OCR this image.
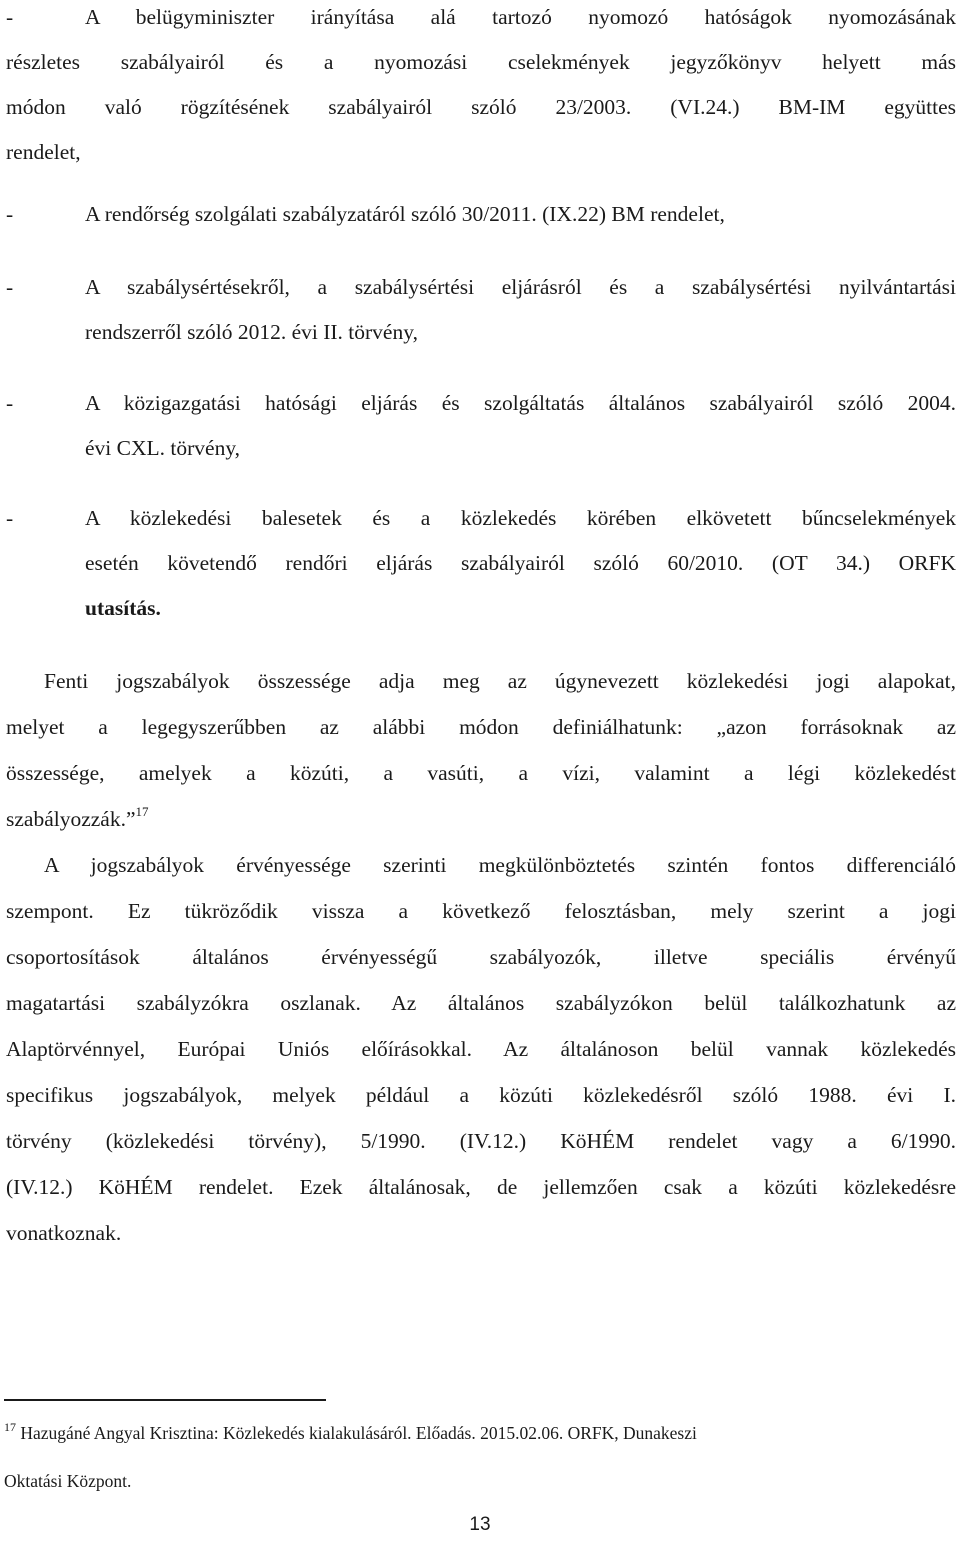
-	A belügyminiszter irányítása alá tartozó nyomozó hatóságok nyomozásának
részletes szabályairól és a nyomozási cselekmények jegyzőkönyv helyett más
módon való rögzítésének szabályairól szóló 23/2003. (VI.24.) BM-IM együttes
rendelet,
-	A rendőrség szolgálati szabályzatáról szóló 30/2011. (IX.22) BM rendelet,
-	A szabálysértésekről, a szabálysértési eljárásról és a szabálysértési nyilvántartási
rendszerről szóló 2012. évi II. törvény,
-	A közigazgatási hatósági eljárás és szolgáltatás általános szabályairól szóló 2004.
évi CXL. törvény,
-	A közlekedési balesetek és a közlekedés körében elkövetett bűncselekmények
esetén követendő rendőri eljárás szabályairól szóló 60/2010. (OT 34.) ORFK
utasítás.
Fenti jogszabályok összessége adja meg az úgynevezett közlekedési jogi alapokat,
melyet a legegyszerűbben az alábbi módon definiálhatunk: „azon forrásoknak az
összessége, amelyek a közúti, a vasúti, a vízi, valamint a légi közlekedést
szabályozzák.”$^{17}$
A jogszabályok érvényessége szerinti megkülönböztetés szintén fontos differenciáló
szempont. Ez tükröződik vissza a következő felosztásban, mely szerint a jogi
csoportosítások általános érvényességű szabályozók, illetve speciális érvényű
magatartási szabályzókra oszlanak. Az általános szabályzókon belül találkozhatunk az
Alaptörvénnyel, Európai Uniós előírásokkal. Az általánoson belül vannak közlekedés
specifikus jogszabályok, melyek például a közúti közlekedésről szóló 1988. évi I.
törvény (közlekedési törvény), 5/1990. (IV.12.) KöHÉM rendelet vagy a 6/1990.
(IV.12.) KöHÉM rendelet. Ezek általánosak, de jellemzően csak a közúti közlekedésre
vonatkoznak.
$^{17}$ Hazugáné Angyal Krisztina: Közlekedés kialakulásáról. Előadás. 2015.02.06. ORFK, Dunakeszi
Oktatási Központ.
13
